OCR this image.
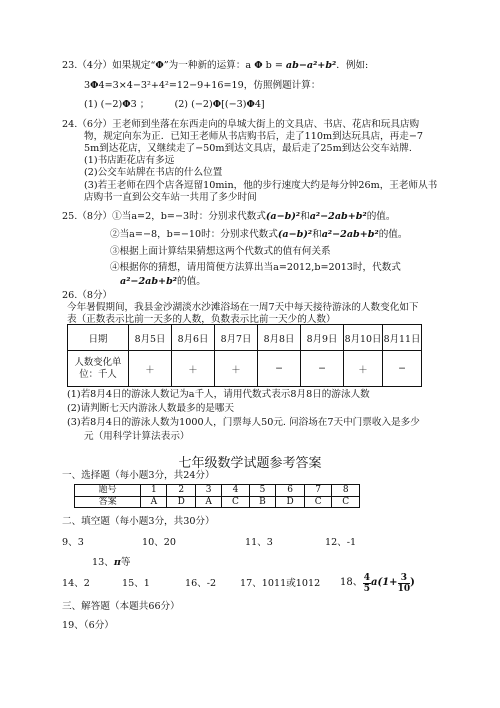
23.（4分）如果规定“Φ”为一种新的运算：a Φ b = ab−a²+b²．例如:
3Φ4=3×4−3²+4²=12−9+16=19，仿照例题计算：
(1) (−2)Φ3 ；	(2) (−2)Φ[(−3)Φ4]
24.（6分）王老师到坐落在东西走向的阜城大街上的文具店、书店、花店和玩具店购
物，规定向东为正．已知王老师从书店购书后，走了110m到达玩具店，再走−7
5m到达花店，又继续走了−50m到达文具店，最后走了25m到达公交车站牌.
(1)书店距花店有多远
(2)公交车站牌在书店的什么位置
(3)若王老师在四个店各逗留10min，他的步行速度大约是每分钟26m，王老师从书
店购书一直到公交车站一共用了多少时间
25.（8分）①当a=2，b=−3时：分别求代数式(a−b)²和a²−2ab+b²的值。
②当a=−8，b=−10时：分别求代数式(a−b)²和a²−2ab+b²的值。
③根据上面计算结果猜想这两个代数式的值有何关系
④根据你的猜想，请用简便方法算出当a=2012,b=2013时，代数式
a²−2ab+b²的值。
26.（8分）
今年暑假期间，我县金沙湖淡水沙滩浴场在一周7天中每天接待游泳的人数变化如下
表（正数表示比前一天多的人数，负数表示比前一天少的人数）
日期	8月5日	8月6日	8月7日	8月8日	8月9日	8月10日	8月11日
人数变化单位：千人	＋	＋	＋	−	−	＋	−
(1)若8月4日的游泳人数记为a千人，请用代数式表示8月8日的游泳人数
(2)请判断七天内游泳人数最多的是哪天
(3)若8月4日的游泳人数为1000人，门票每人50元. 问浴场在7天中门票收入是多少
元（用科学计算法表示）
七年级数学试题参考答案
一、选择题（每小题3分，共24分）
题号	1	2	3	4	5	6	7	8
答案	A	D	A	C	B	D	C	C
二、填空题（每小题3分，共30分）
9、3	10、20	11、3	12、-1
13、π等
14、2	15、1	16、-2 17、1011或1012 18、 $\frac{4}{5} a(1+ \frac{3}{10}$ )
三、解答题（本题共66分）
19、（6分）
